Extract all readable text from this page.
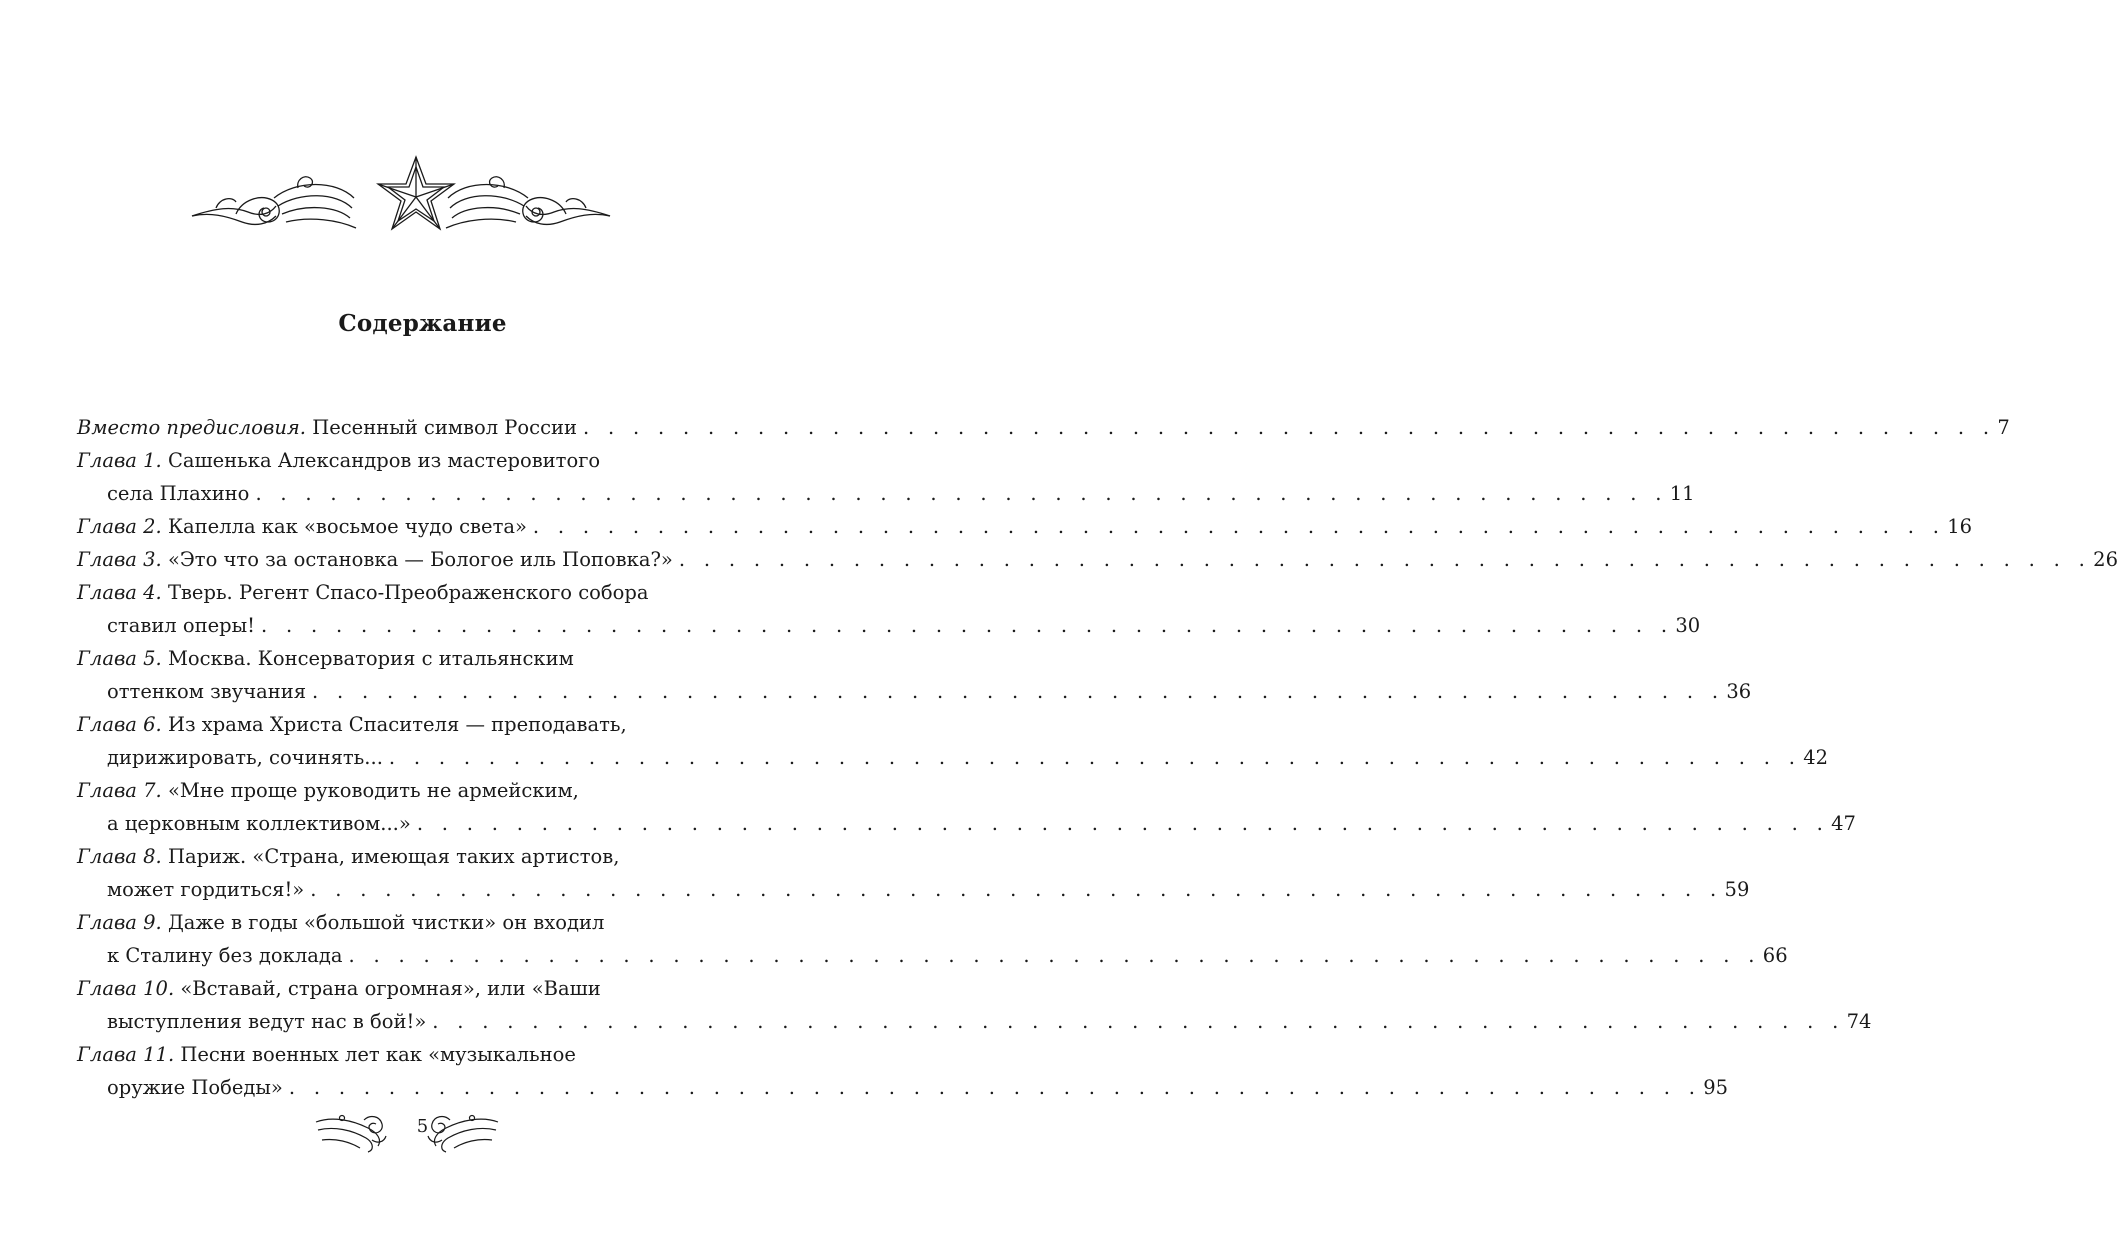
Содержание
Вместо предисловия. Песенный символ России . . . . . . . . . . . . . . . . . . . . . . . . . . . . . . . . . . . . . . . . . . . . . . . . . . . . . . . . . 7
Глава 1. Сашенька Александров из мастеровитого
села Плахино . . . . . . . . . . . . . . . . . . . . . . . . . . . . . . . . . . . . . . . . . . . . . . . . . . . . . . . . . 11
Глава 2. Капелла как «восьмое чудо света» . . . . . . . . . . . . . . . . . . . . . . . . . . . . . . . . . . . . . . . . . . . . . . . . . . . . . . . . . 16
Глава 3. «Это что за остановка — Бологое иль Поповка?» . . . . . . . . . . . . . . . . . . . . . . . . . . . . . . . . . . . . . . . . . . . . . . . . . . . . . . . . . 26
Глава 4. Тверь. Регент Спасо-Преображенского собора
ставил оперы! . . . . . . . . . . . . . . . . . . . . . . . . . . . . . . . . . . . . . . . . . . . . . . . . . . . . . . . . . 30
Глава 5. Москва. Консерватория с итальянским
оттенком звучания . . . . . . . . . . . . . . . . . . . . . . . . . . . . . . . . . . . . . . . . . . . . . . . . . . . . . . . . . 36
Глава 6. Из храма Христа Спасителя — преподавать,
дирижировать, сочинять... . . . . . . . . . . . . . . . . . . . . . . . . . . . . . . . . . . . . . . . . . . . . . . . . . . . . . . . . . 42
Глава 7. «Мне проще руководить не армейским,
а церковным коллективом...» . . . . . . . . . . . . . . . . . . . . . . . . . . . . . . . . . . . . . . . . . . . . . . . . . . . . . . . . . 47
Глава 8. Париж. «Страна, имеющая таких артистов,
может гордиться!» . . . . . . . . . . . . . . . . . . . . . . . . . . . . . . . . . . . . . . . . . . . . . . . . . . . . . . . . . 59
Глава 9. Даже в годы «большой чистки» он входил
к Сталину без доклада . . . . . . . . . . . . . . . . . . . . . . . . . . . . . . . . . . . . . . . . . . . . . . . . . . . . . . . . . 66
Глава 10. «Вставай, страна огромная», или «Ваши
выступления ведут нас в бой!» . . . . . . . . . . . . . . . . . . . . . . . . . . . . . . . . . . . . . . . . . . . . . . . . . . . . . . . . . 74
Глава 11. Песни военных лет как «музыкальное
оружие Победы» . . . . . . . . . . . . . . . . . . . . . . . . . . . . . . . . . . . . . . . . . . . . . . . . . . . . . . . . . 95
5
